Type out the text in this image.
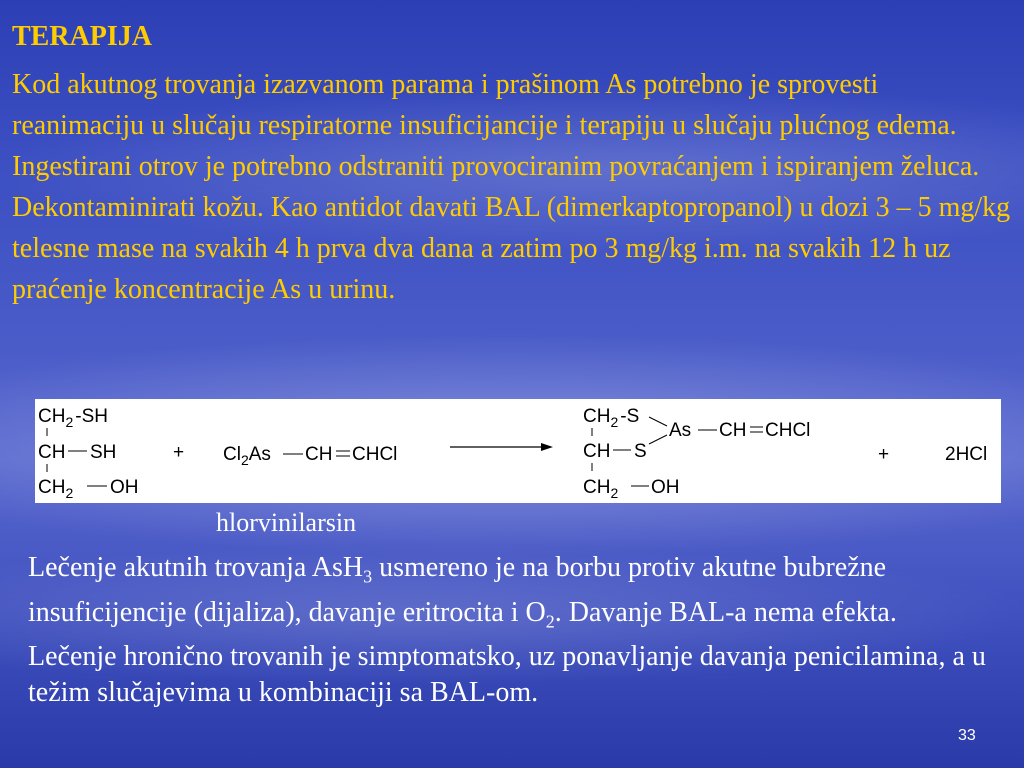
TERAPIJA

Kod akutnog trovanja izazvanom parama i prašinom As potrebno je sprovesti reanimaciju u slučaju respiratorne insuficijancije i terapiju u slučaju plućnog edema.

Ingestirani otrov je potrebno odstraniti provociranim povraćanjem i ispiranjem želuca. Dekontaminirati kožu. Kao antidot davati BAL (dimerkaptopropanol) u dozi 3 – 5 mg/kg telesne mase na svakih 4 h prva dva dana a zatim po 3 mg/kg i.m. na svakih 12 h uz praćenje koncentracije As u urinu.

$CH_2$ -SH
CH SH
$CH_2$ OH
+ $Cl_2As$ CH CHCl
$CH_2$ -S
As CH CHCl
CH S
$CH_2$ OH
+	2HCl
hlorvinilarsin

Lečenje akutnih trovanja AsH$_3$ usmereno je na borbu protiv akutne bubrežne insuficijencije (dijaliza), davanje eritrocita i $O_2$. Davanje BAL-a nema efekta.

Lečenje hronično trovanih je simptomatsko, uz ponavljanje davanja penicilamina, a u težim slučajevima u kombinaciji sa BAL-om.

33
